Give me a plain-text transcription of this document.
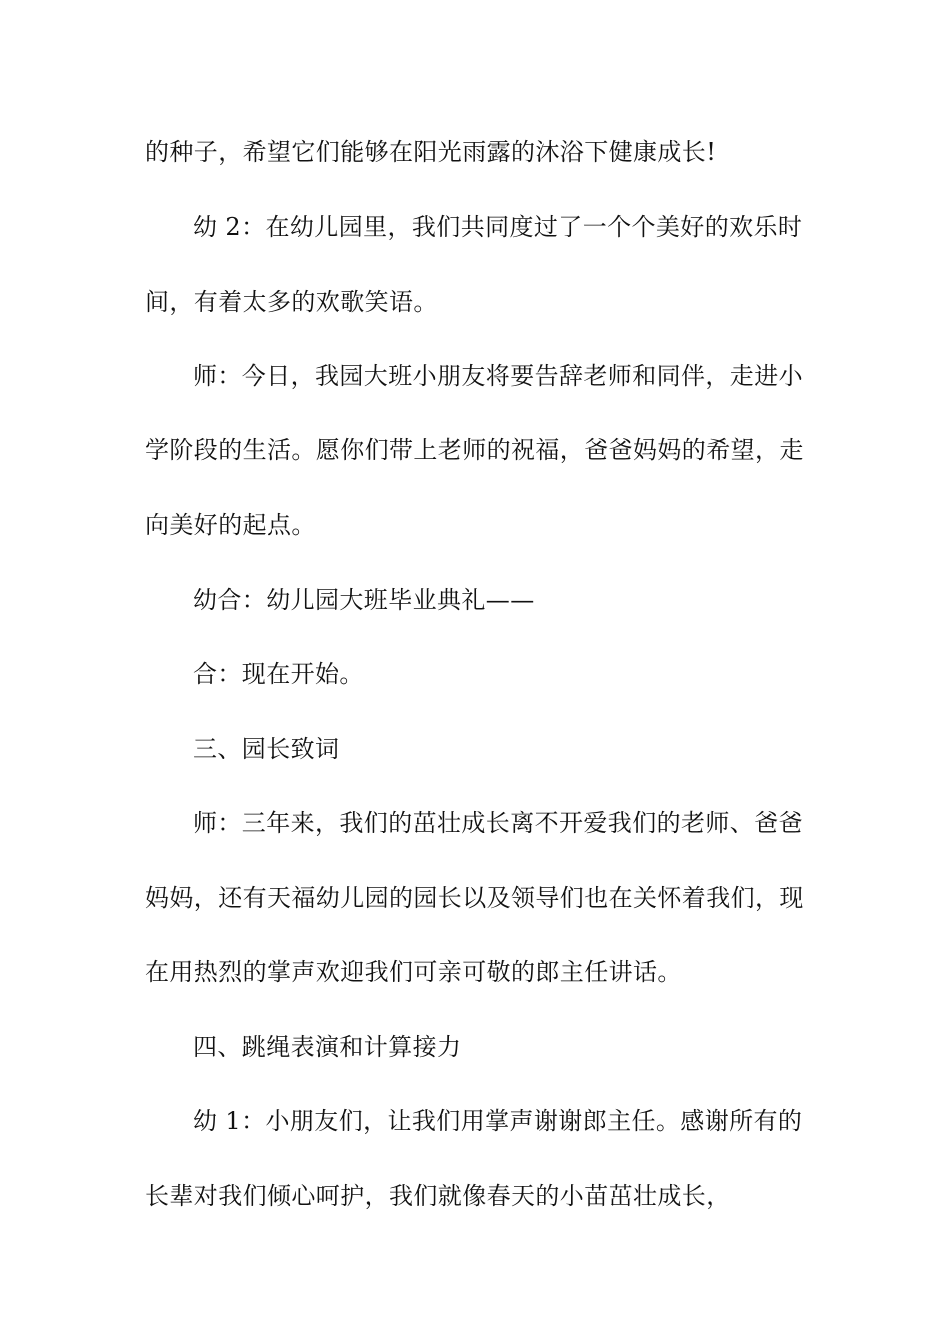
的种子，希望它们能够在阳光雨露的沐浴下健康成长!
幼 2：在幼儿园里，我们共同度过了一个个美好的欢乐时
间，有着太多的欢歌笑语。
师：今日，我园大班小朋友将要告辞老师和同伴，走进小
学阶段的生活。愿你们带上老师的祝福，爸爸妈妈的希望，走
向美好的起点。
幼合：幼儿园大班毕业典礼——
合：现在开始。
三、园长致词
师：三年来，我们的茁壮成长离不开爱我们的老师、爸爸
妈妈，还有天福幼儿园的园长以及领导们也在关怀着我们，现
在用热烈的掌声欢迎我们可亲可敬的郎主任讲话。
四、跳绳表演和计算接力
幼 1：小朋友们，让我们用掌声谢谢郎主任。感谢所有的
长辈对我们倾心呵护，我们就像春天的小苗茁壮成长，
